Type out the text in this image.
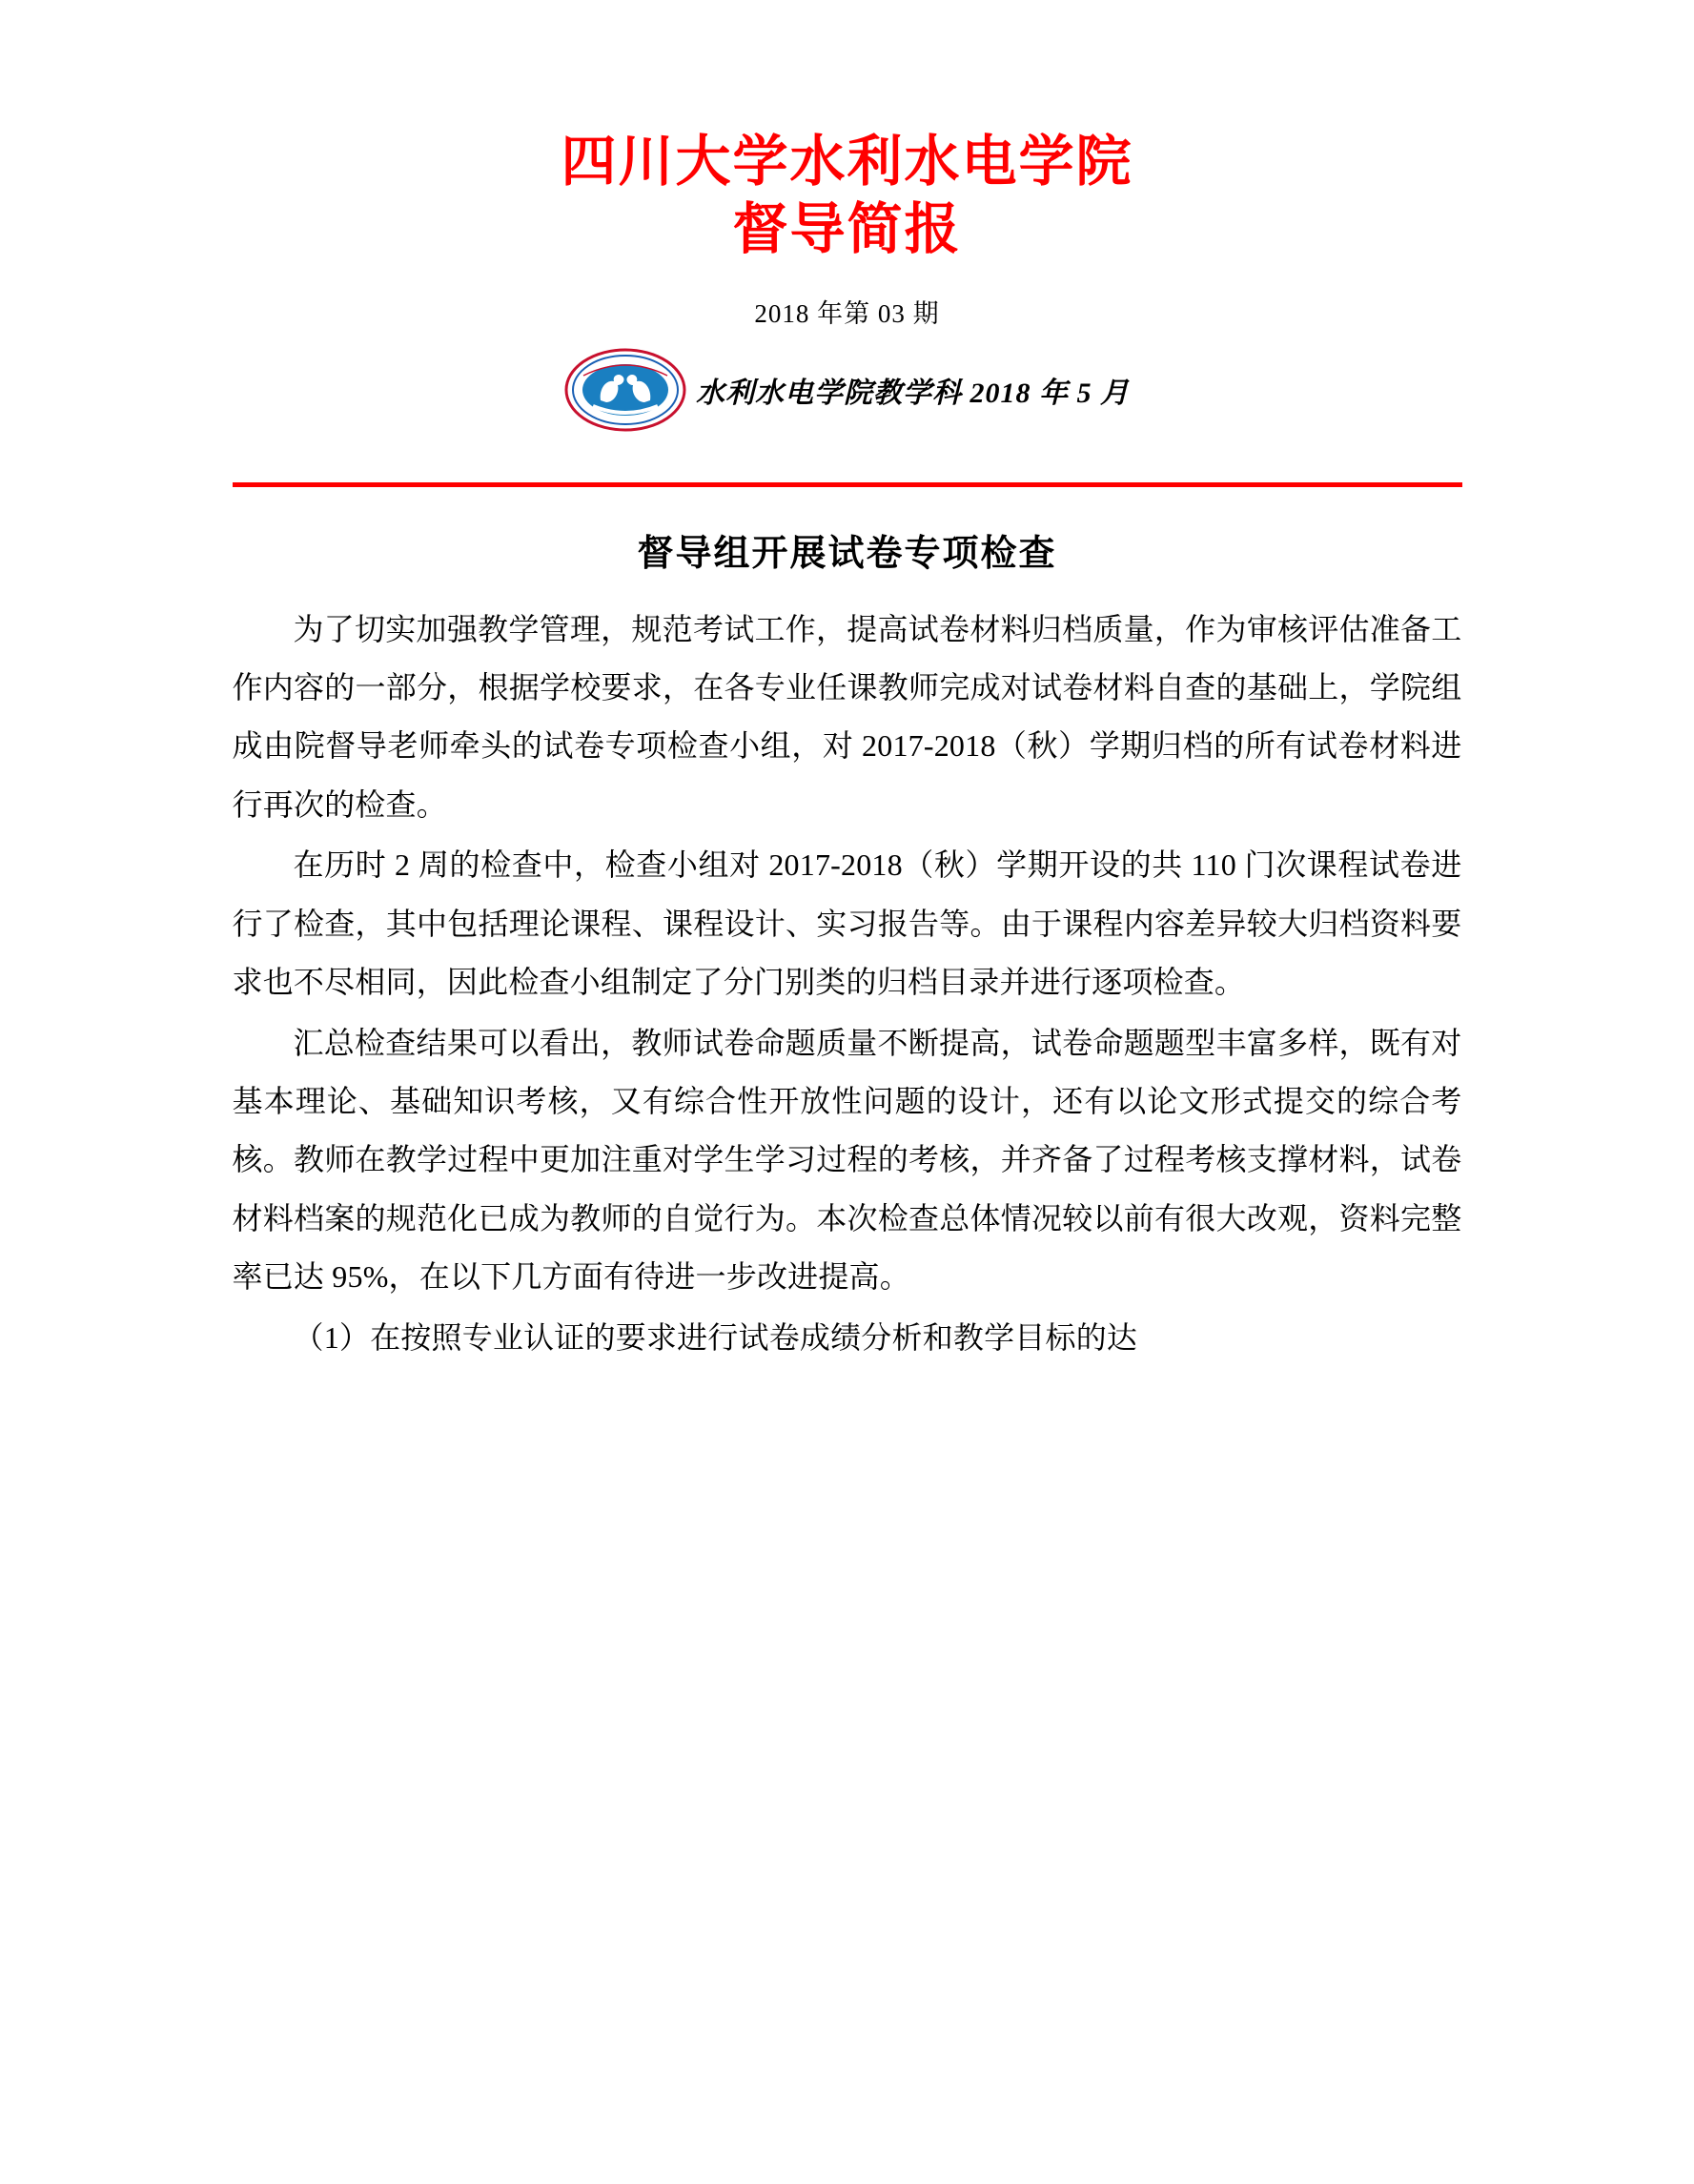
四川大学水利水电学院
督导简报
2018 年第 03 期
水利水电学院教学科 2018 年 5 月
督导组开展试卷专项检查

为了切实加强教学管理，规范考试工作，提高试卷材料归档质量，作为审核评估准备工作内容的一部分，根据学校要求，在各专业任课教师完成对试卷材料自查的基础上，学院组成由院督导老师牵头的试卷专项检查小组，对 2017-2018（秋）学期归档的所有试卷材料进行再次的检查。

在历时 2 周的检查中，检查小组对 2017-2018（秋）学期开设的共 110 门次课程试卷进行了检查，其中包括理论课程、课程设计、实习报告等。由于课程内容差异较大归档资料要求也不尽相同，因此检查小组制定了分门别类的归档目录并进行逐项检查。

汇总检查结果可以看出，教师试卷命题质量不断提高，试卷命题题型丰富多样，既有对基本理论、基础知识考核，又有综合性开放性问题的设计，还有以论文形式提交的综合考核。教师在教学过程中更加注重对学生学习过程的考核，并齐备了过程考核支撑材料，试卷材料档案的规范化已成为教师的自觉行为。本次检查总体情况较以前有很大改观，资料完整率已达 95%，在以下几方面有待进一步改进提高。

（1）在按照专业认证的要求进行试卷成绩分析和教学目标的达
